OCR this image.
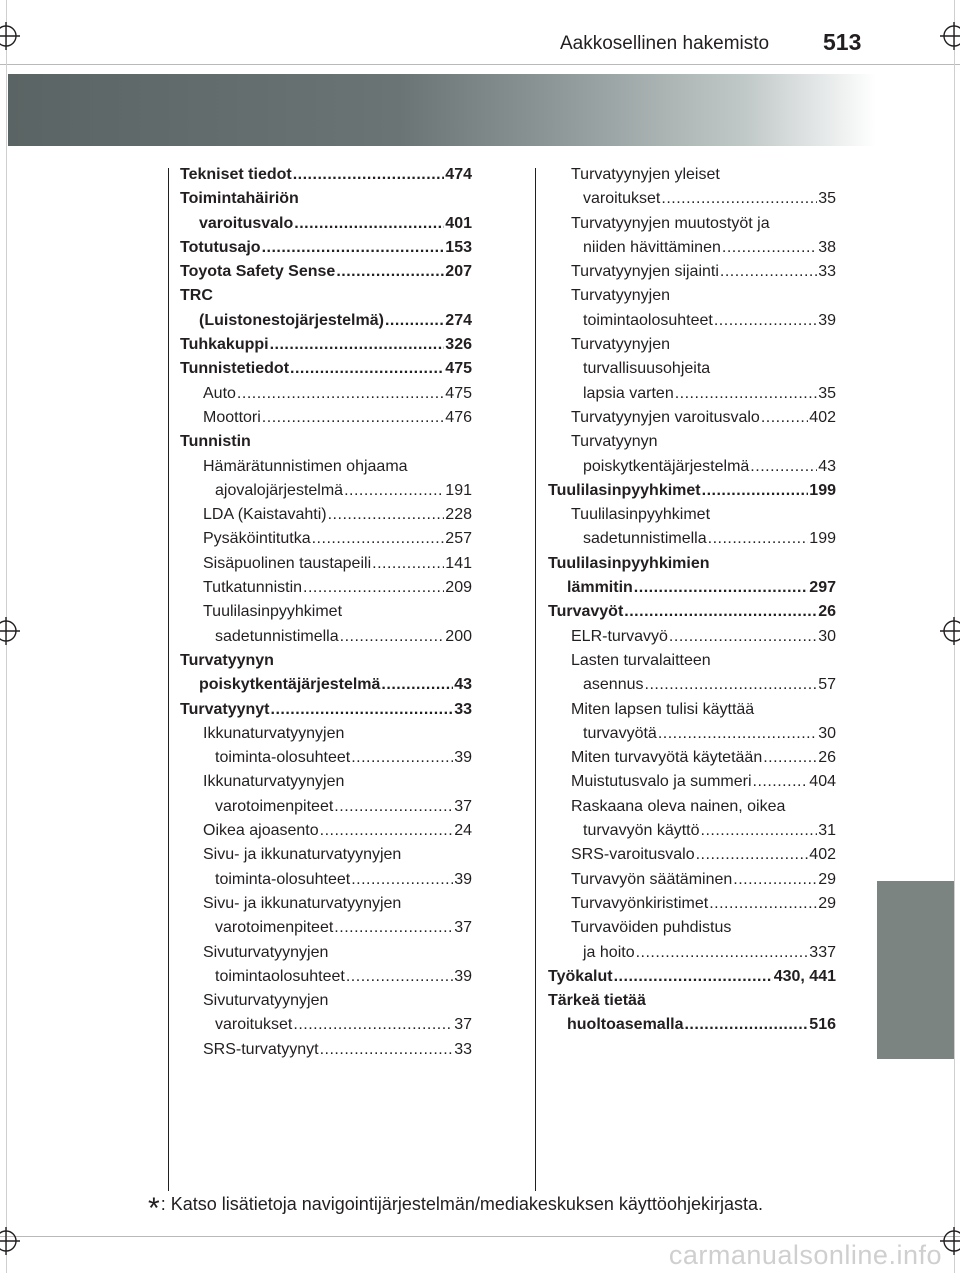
Aakkosellinen hakemisto 513
Tekniset tiedot .....	474
Toimintahäiriön
varoitusvalo .....	401
Totutusajo .....	153
Toyota Safety Sense .....	207
TRC
(Luistonestojärjestelmä) .....	274
Tuhkakuppi .....	326
Tunnistetiedot .....	475
Auto .....	475
Moottori .....	476
Tunnistin
Hämärätunnistimen ohjaama
ajovalojärjestelmä .....	191
LDA (Kaistavahti) .....	228
Pysäköintitutka .....	257
Sisäpuolinen taustapeili .....	141
Tutkatunnistin .....	209
Tuulilasinpyyhkimet
sadetunnistimella .....	200
Turvatyynyn
poiskytkentäjärjestelmä .....	43
Turvatyynyt .....	33
Ikkunaturvatyynyjen
toiminta-olosuhteet .....	39
Ikkunaturvatyynyjen
varotoimenpiteet .....	37
Oikea ajoasento .....	24
Sivu- ja ikkunaturvatyynyjen
toiminta-olosuhteet .....	39
Sivu- ja ikkunaturvatyynyjen
varotoimenpiteet .....	37
Sivuturvatyynyjen
toimintaolosuhteet .....	39
Sivuturvatyynyjen
varoitukset .....	37
SRS-turvatyynyt .....	33
Turvatyynyjen yleiset
varoitukset .....	35
Turvatyynyjen muutostyöt ja
niiden hävittäminen .....	38
Turvatyynyjen sijainti .....	33
Turvatyynyjen
toimintaolosuhteet .....	39
Turvatyynyjen
turvallisuusohjeita
lapsia varten .....	35
Turvatyynyjen varoitusvalo .....	402
Turvatyynyn
poiskytkentäjärjestelmä .....	43
Tuulilasinpyyhkimet .....	199
Tuulilasinpyyhkimet
sadetunnistimella .....	199
Tuulilasinpyyhkimien
lämmitin .....	297
Turvavyöt .....	26
ELR-turvavyö .....	30
Lasten turvalaitteen
asennus .....	57
Miten lapsen tulisi käyttää
turvavyötä .....	30
Miten turvavyötä käytetään .....	26
Muistutusvalo ja summeri .....	404
Raskaana oleva nainen, oikea
turvavyön käyttö .....	31
SRS-varoitusvalo .....	402
Turvavyön säätäminen .....	29
Turvavyönkiristimet .....	29
Turvavöiden puhdistus
ja hoito .....	337
Työkalut .....	430, 441
Tärkeä tietää
huoltoasemalla .....	516
*: Katso lisätietoja navigointijärjestelmän/mediakeskuksen käyttöohjekirjasta.
carmanualsonline.info
